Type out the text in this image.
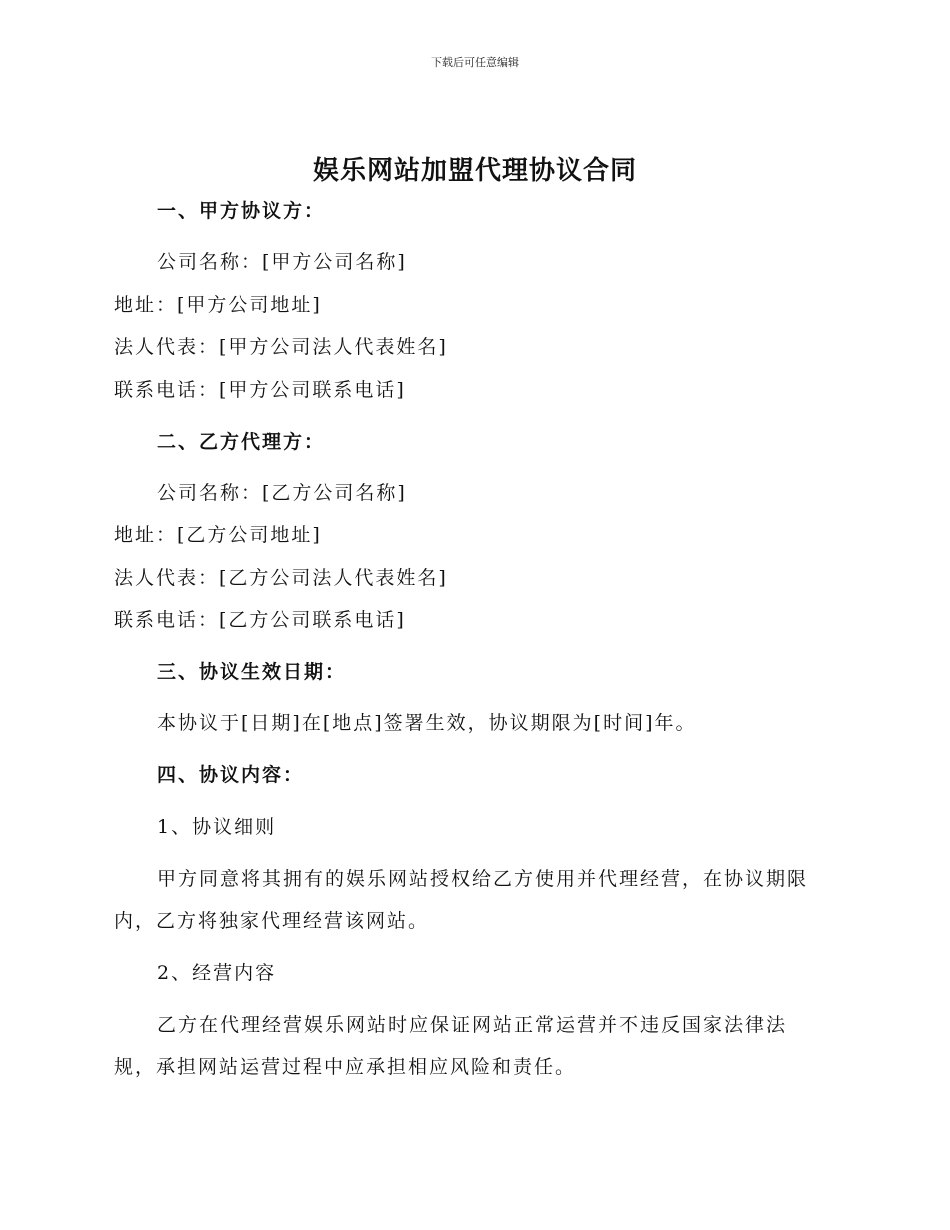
下载后可任意编辑
娱乐网站加盟代理协议合同
一、甲方协议方：
公司名称：[甲方公司名称]
地址：[甲方公司地址]
法人代表：[甲方公司法人代表姓名]
联系电话：[甲方公司联系电话]
二、乙方代理方：
公司名称：[乙方公司名称]
地址：[乙方公司地址]
法人代表：[乙方公司法人代表姓名]
联系电话：[乙方公司联系电话]
三、协议生效日期：
本协议于[日期]在[地点]签署生效，协议期限为[时间]年。
四、协议内容：
1、协议细则
甲方同意将其拥有的娱乐网站授权给乙方使用并代理经营，在协议期限
内，乙方将独家代理经营该网站。
2、经营内容
乙方在代理经营娱乐网站时应保证网站正常运营并不违反国家法律法
规，承担网站运营过程中应承担相应风险和责任。
